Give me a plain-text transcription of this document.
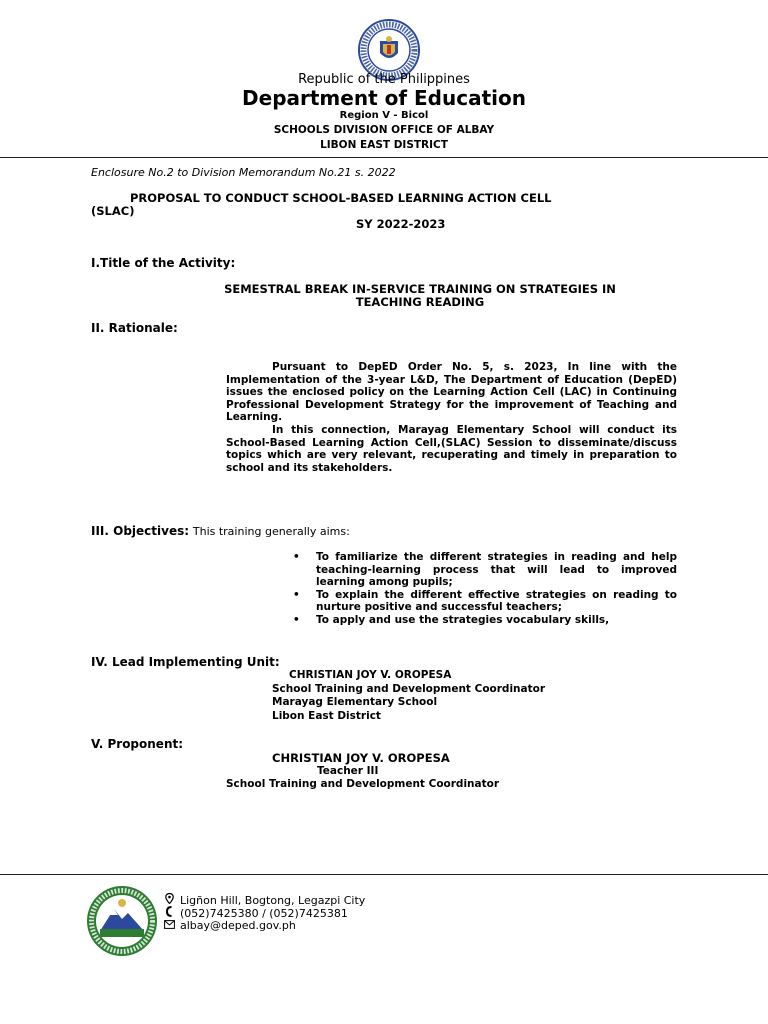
Republic of the Philippines
Department of Education
Region V - Bicol
SCHOOLS DIVISION OFFICE OF ALBAY
LIBON EAST DISTRICT
Enclosure No.2 to Division Memorandum No.21 s. 2022
PROPOSAL TO CONDUCT SCHOOL-BASED LEARNING ACTION CELL
(SLAC)
SY 2022-2023
I.Title of the Activity:
SEMESTRAL BREAK IN-SERVICE TRAINING ON STRATEGIES IN
TEACHING READING
II. Rationale:
Pursuant to DepED Order No. 5, s. 2023, In line with the Implementation of the 3-year L&D, The Department of Education (DepED) issues the enclosed policy on the Learning Action Cell (LAC) in Continuing Professional Development Strategy for the improvement of Teaching and Learning.
In this connection, Marayag Elementary School will conduct its School-Based Learning Action Cell,(SLAC) Session to disseminate/discuss topics which are very relevant, recuperating and timely in preparation to school and its stakeholders.
III. Objectives: This training generally aims:
• To familiarize the different strategies in reading and help teaching-learning process that will lead to improved learning among pupils;
• To explain the different effective strategies on reading to nurture positive and successful teachers;
• To apply and use the strategies vocabulary skills,
IV. Lead Implementing Unit:
CHRISTIAN JOY V. OROPESA
School Training and Development Coordinator
Marayag Elementary School
Libon East District
V. Proponent:
CHRISTIAN JOY V. OROPESA
Teacher III
School Training and Development Coordinator
Ligñon Hill, Bogtong, Legazpi City
(052)7425380 / (052)7425381
albay@deped.gov.ph
